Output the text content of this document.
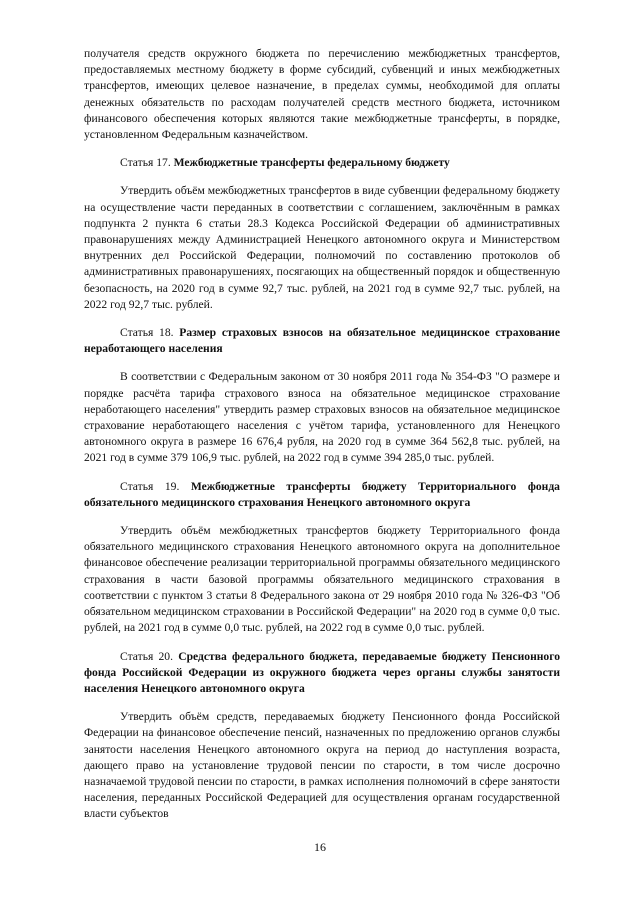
получателя средств окружного бюджета по перечислению межбюджетных трансфертов, предоставляемых местному бюджету в форме субсидий, субвенций и иных межбюджетных трансфертов, имеющих целевое назначение, в пределах суммы, необходимой для оплаты денежных обязательств по расходам получателей средств местного бюджета, источником финансового обеспечения которых являются такие межбюджетные трансферты, в порядке, установленном Федеральным казначейством.

Статья 17. Межбюджетные трансферты федеральному бюджету

Утвердить объём межбюджетных трансфертов в виде субвенции федеральному бюджету на осуществление части переданных в соответствии с соглашением, заключённым в рамках подпункта 2 пункта 6 статьи 28.3 Кодекса Российской Федерации об административных правонарушениях между Администрацией Ненецкого автономного округа и Министерством внутренних дел Российской Федерации, полномочий по составлению протоколов об административных правонарушениях, посягающих на общественный порядок и общественную безопасность, на 2020 год в сумме 92,7 тыс. рублей, на 2021 год в сумме 92,7 тыс. рублей, на 2022 год 92,7 тыс. рублей.

Статья 18. Размер страховых взносов на обязательное медицинское страхование неработающего населения

В соответствии с Федеральным законом от 30 ноября 2011 года № 354-ФЗ "О размере и порядке расчёта тарифа страхового взноса на обязательное медицинское страхование неработающего населения" утвердить размер страховых взносов на обязательное медицинское страхование неработающего населения с учётом тарифа, установленного для Ненецкого автономного округа в размере 16 676,4 рубля, на 2020 год в сумме 364 562,8 тыс. рублей, на 2021 год в сумме 379 106,9 тыс. рублей, на 2022 год в сумме 394 285,0 тыс. рублей.

Статья 19. Межбюджетные трансферты бюджету Территориального фонда обязательного медицинского страхования Ненецкого автономного округа

Утвердить объём межбюджетных трансфертов бюджету Территориального фонда обязательного медицинского страхования Ненецкого автономного округа на дополнительное финансовое обеспечение реализации территориальной программы обязательного медицинского страхования в части базовой программы обязательного медицинского страхования в соответствии с пунктом 3 статьи 8 Федерального закона от 29 ноября 2010 года № 326-ФЗ "Об обязательном медицинском страховании в Российской Федерации" на 2020 год в сумме 0,0 тыс. рублей, на 2021 год в сумме 0,0 тыс. рублей, на 2022 год в сумме 0,0 тыс. рублей.

Статья 20. Средства федерального бюджета, передаваемые бюджету Пенсионного фонда Российской Федерации из окружного бюджета через органы службы занятости населения Ненецкого автономного округа

Утвердить объём средств, передаваемых бюджету Пенсионного фонда Российской Федерации на финансовое обеспечение пенсий, назначенных по предложению органов службы занятости населения Ненецкого автономного округа на период до наступления возраста, дающего право на установление трудовой пенсии по старости, в том числе досрочно назначаемой трудовой пенсии по старости, в рамках исполнения полномочий в сфере занятости населения, переданных Российской Федерацией для осуществления органам государственной власти субъектов

16
